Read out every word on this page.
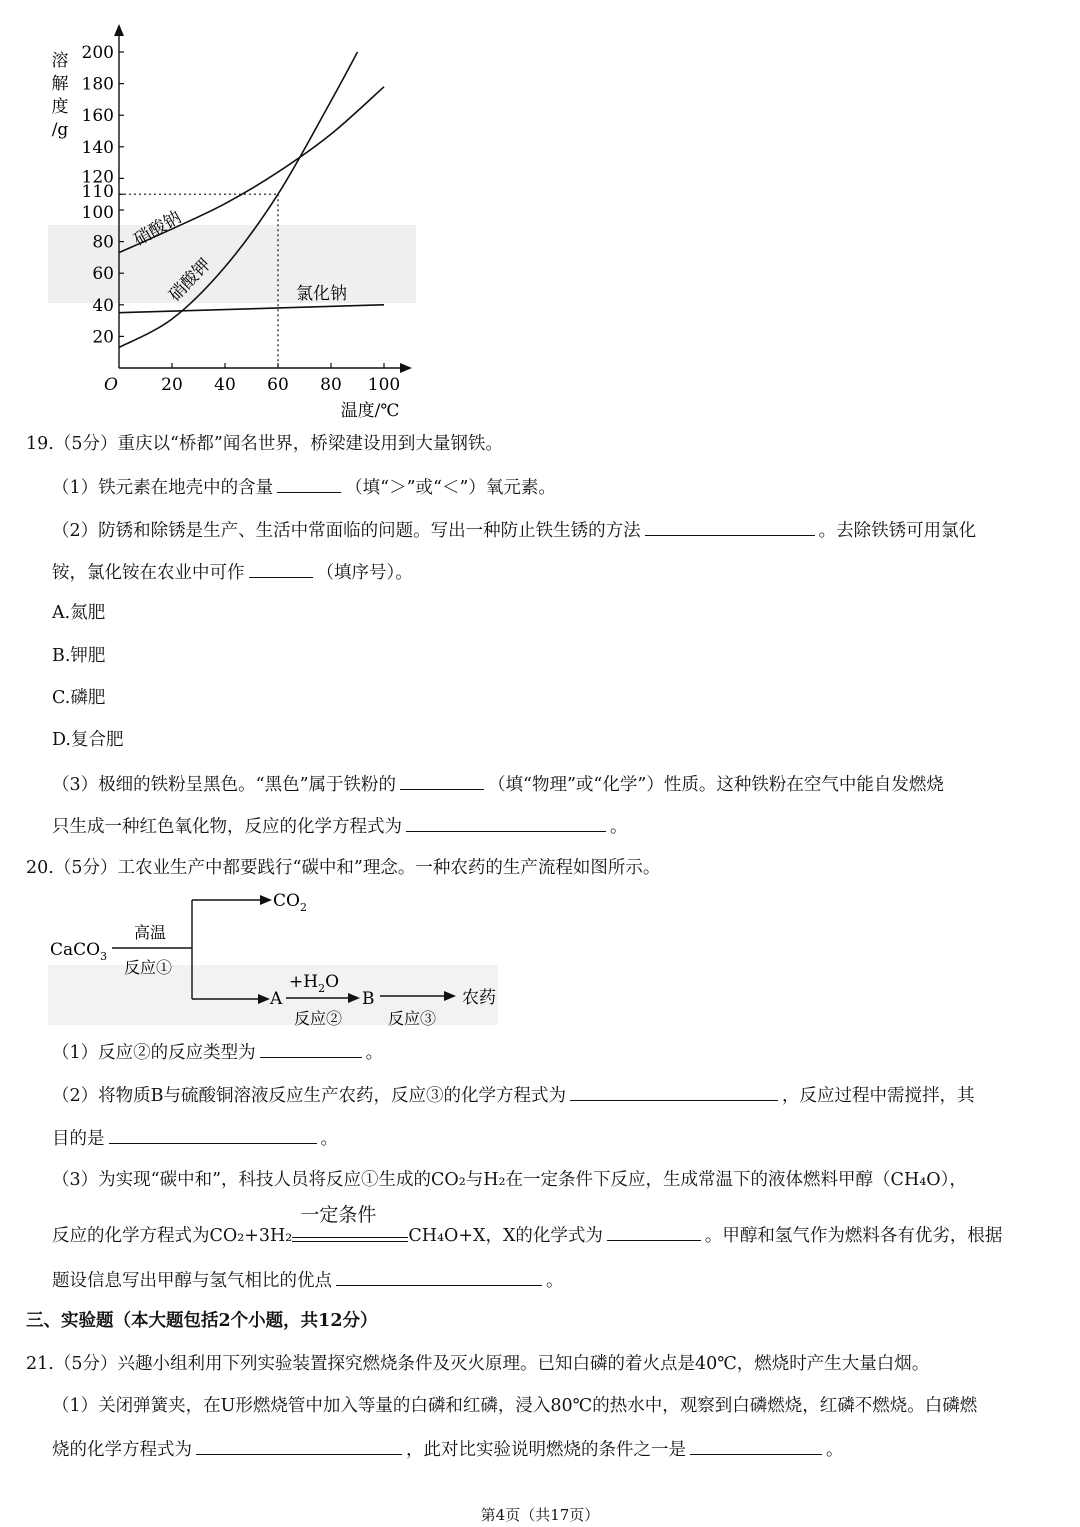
溶
解
度
/g
20 40 60 80 100
20
40
60
80
100
110
120
140
160
180
200
O
硝酸钠
硝酸钾	氯化钠
温度/℃
19.（5分）重庆以“桥都”闻名世界，桥梁建设用到大量钢铁。
（1）铁元素在地壳中的含量	（填“＞”或“＜”）氧元素。
（2）防锈和除锈是生产、生活中常面临的问题。写出一种防止铁生锈的方法	。去除铁锈可用氯化
铵，氯化铵在农业中可作	（填序号）。
A.氮肥
B.钾肥
C.磷肥
D.复合肥
（3）极细的铁粉呈黑色。“黑色”属于铁粉的	（填“物理”或“化学”）性质。这种铁粉在空气中能自发燃烧
只生成一种红色氧化物，反应的化学方程式为	。
20.（5分）工农业生产中都要践行“碳中和”理念。一种农药的生产流程如图所示。
CaCO$_3$
高温
反应①
$CO_2$
A
$+H_2O$
反应②
B
反应③
农药
（1）反应②的反应类型为	。
（2）将物质B与硫酸铜溶液反应生产农药，反应③的化学方程式为	，反应过程中需搅拌，其
目的是	。
（3）为实现“碳中和”，科技人员将反应①生成的CO₂与H₂在一定条件下反应，生成常温下的液体燃料甲醇（CH₄O），
反应的化学方程式为CO₂+3H₂
一定条件
CH₄O+X，X的化学式为	。甲醇和氢气作为燃料各有优劣，根据
题设信息写出甲醇与氢气相比的优点	。
三、实验题（本大题包括2个小题，共12分）
21.（5分）兴趣小组利用下列实验装置探究燃烧条件及灭火原理。已知白磷的着火点是40℃，燃烧时产生大量白烟。
（1）关闭弹簧夹，在U形燃烧管中加入等量的白磷和红磷，浸入80℃的热水中，观察到白磷燃烧，红磷不燃烧。白磷燃
烧的化学方程式为	，此对比实验说明燃烧的条件之一是	。
第4页（共17页）
